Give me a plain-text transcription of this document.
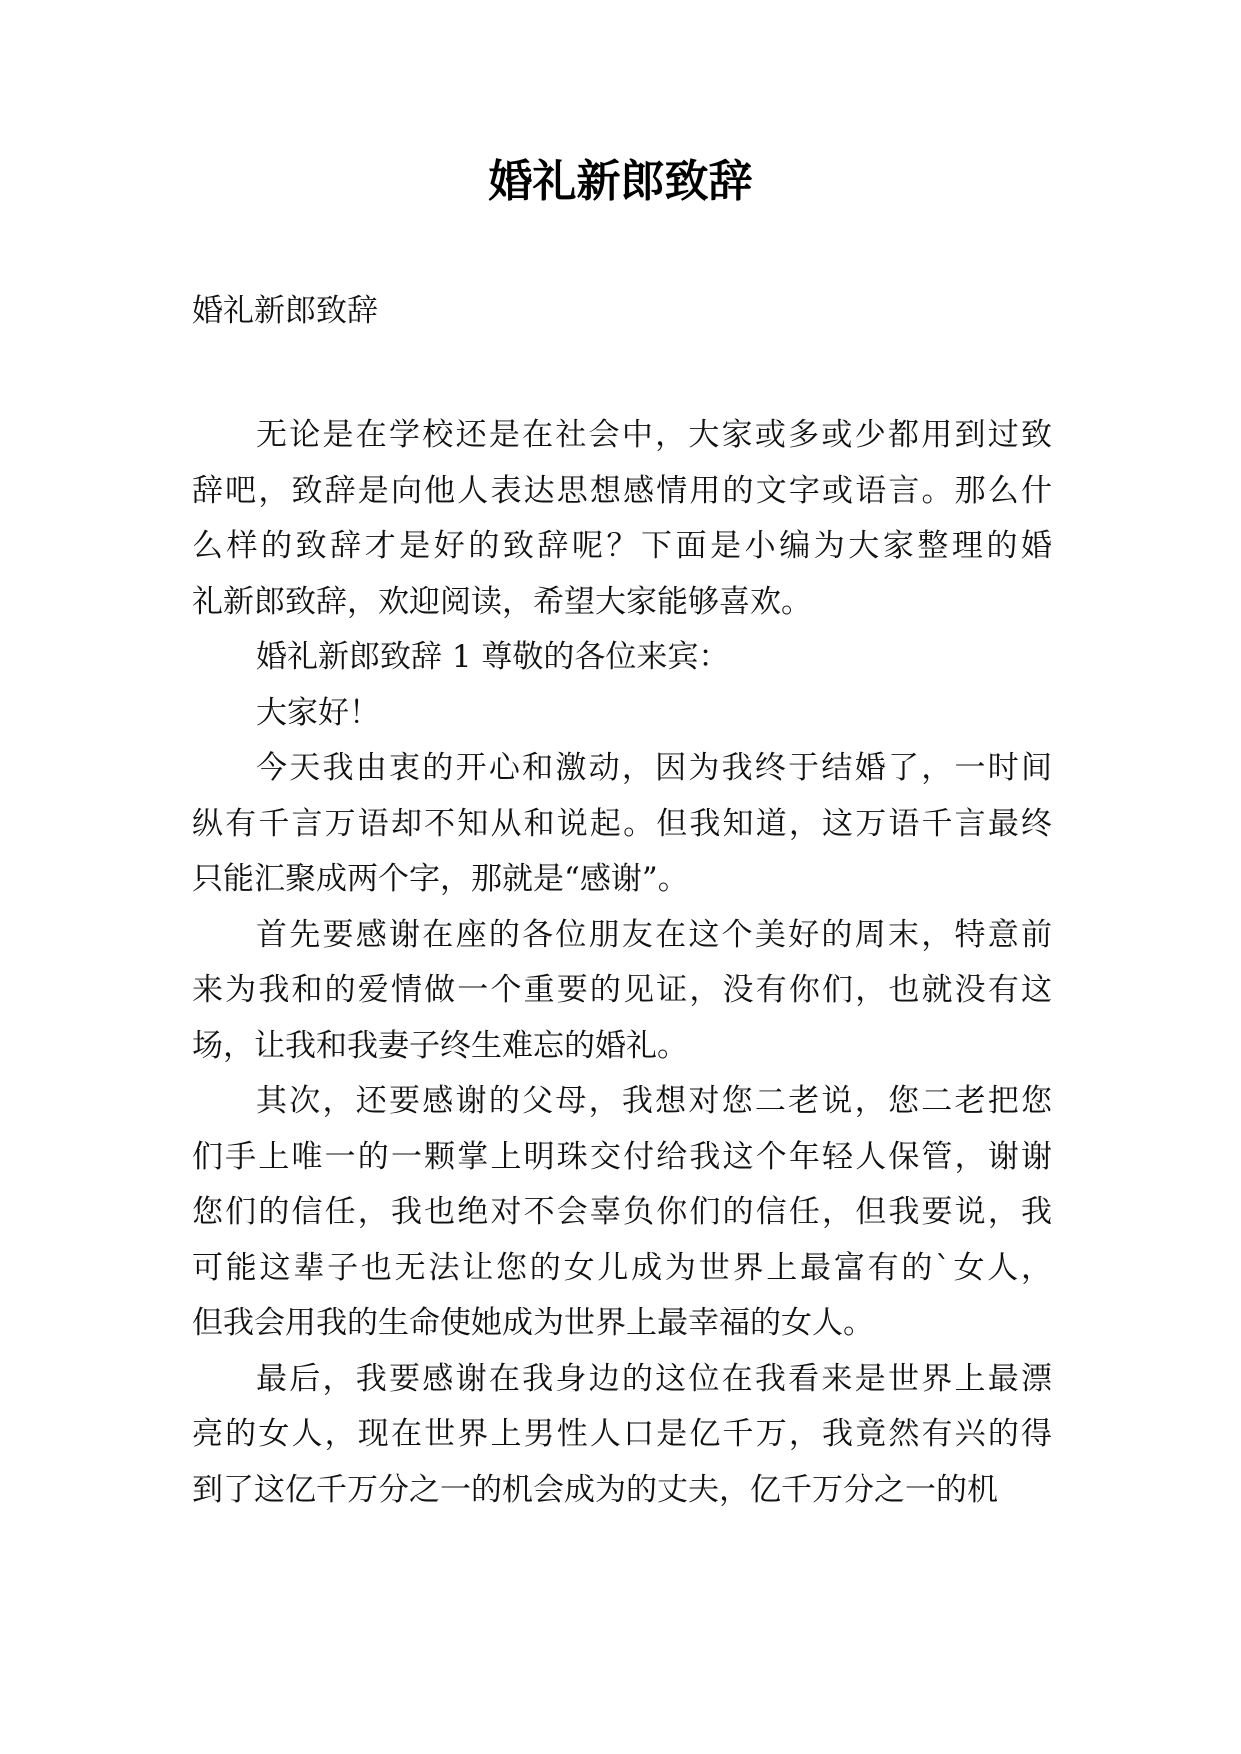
婚礼新郎致辞

婚礼新郎致辞

无论是在学校还是在社会中，大家或多或少都用到过致
辞吧，致辞是向他人表达思想感情用的文字或语言。那么什
么样的致辞才是好的致辞呢？下面是小编为大家整理的婚
礼新郎致辞，欢迎阅读，希望大家能够喜欢。
婚礼新郎致辞 1 尊敬的各位来宾：
大家好！
今天我由衷的开心和激动，因为我终于结婚了，一时间
纵有千言万语却不知从和说起。但我知道，这万语千言最终
只能汇聚成两个字，那就是“感谢”。
首先要感谢在座的各位朋友在这个美好的周末，特意前
来为我和的爱情做一个重要的见证，没有你们，也就没有这
场，让我和我妻子终生难忘的婚礼。
其次，还要感谢的父母，我想对您二老说，您二老把您
们手上唯一的一颗掌上明珠交付给我这个年轻人保管，谢谢
您们的信任，我也绝对不会辜负你们的信任，但我要说，我
可能这辈子也无法让您的女儿成为世界上最富有的`女人，
但我会用我的生命使她成为世界上最幸福的女人。
最后，我要感谢在我身边的这位在我看来是世界上最漂
亮的女人，现在世界上男性人口是亿千万，我竟然有兴的得
到了这亿千万分之一的机会成为的丈夫，亿千万分之一的机
